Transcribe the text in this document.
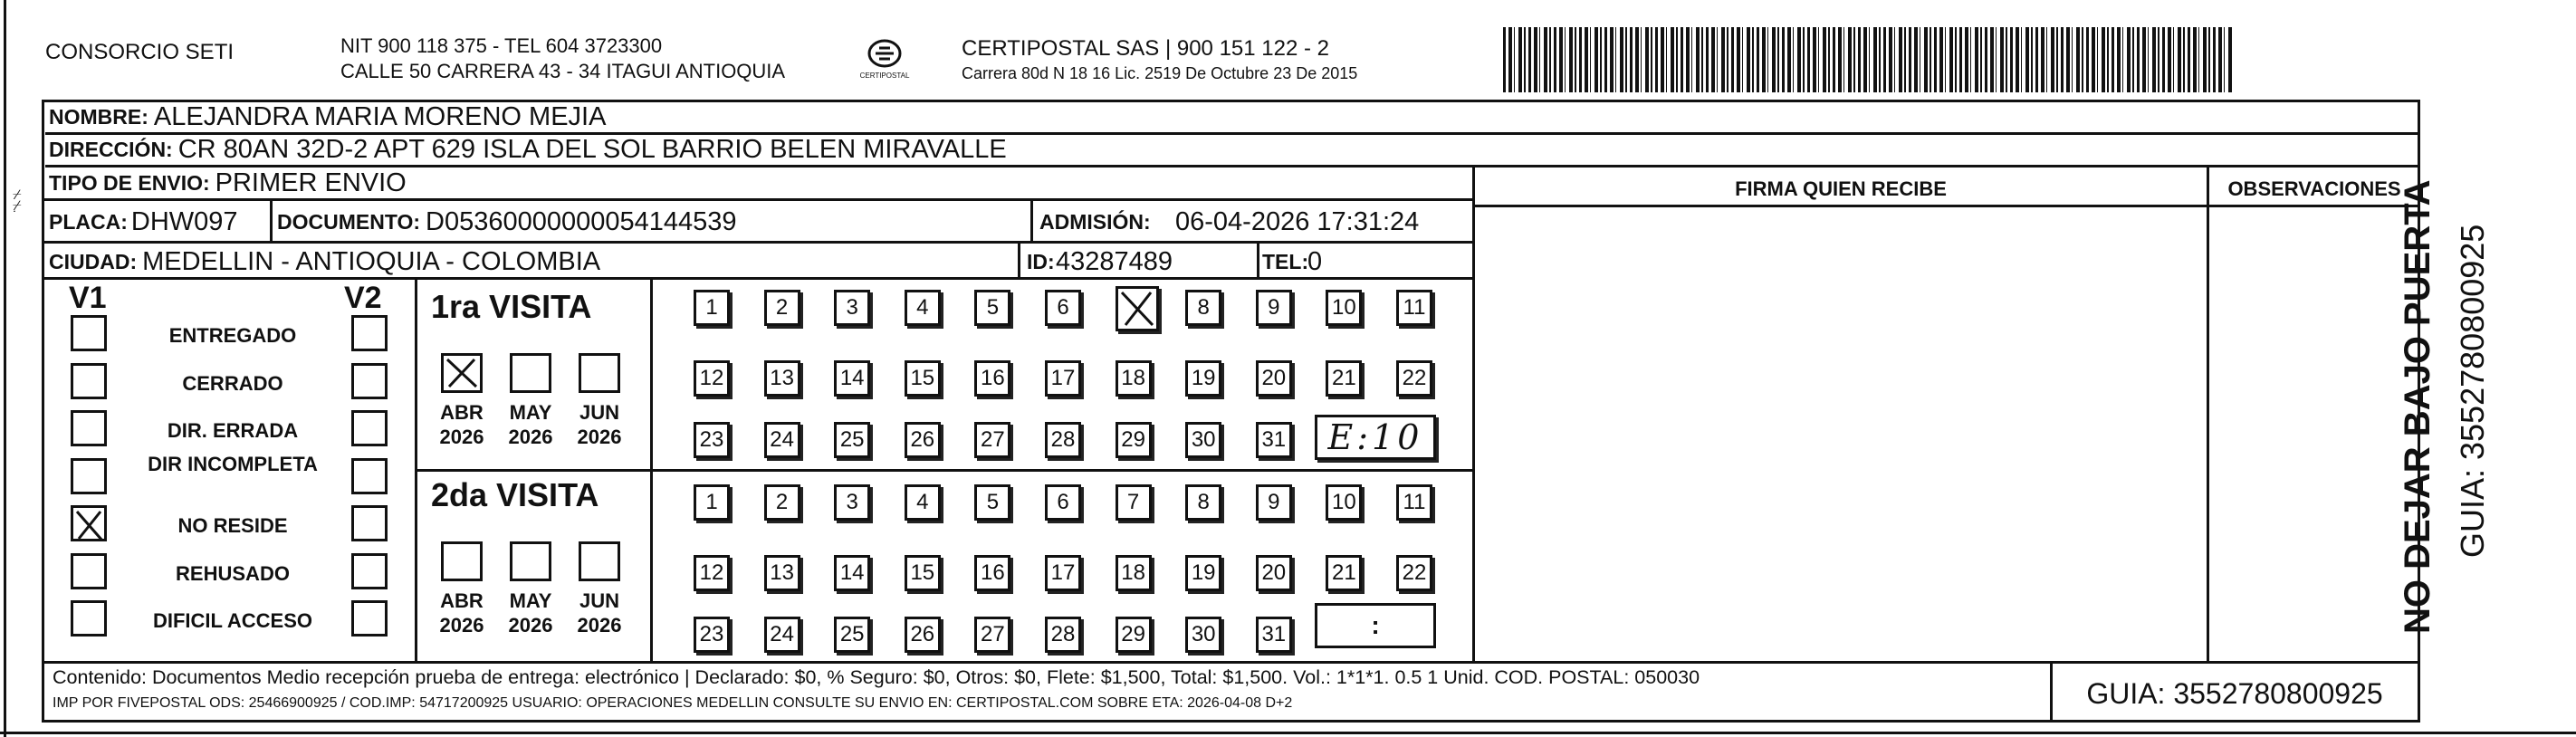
⌿
⌿
˙
CONSORCIO SETI	NIT 900 118 375 - TEL 604 3723300
CALLE 50 CARRERA 43 - 34 ITAGUI ANTIOQUIA	CERTIPOSTAL
CERTIPOSTAL SAS | 900 151 122 - 2
Carrera 80d N 18 16 Lic. 2519 De Octubre 23 De 2015
NOMBRE: ALEJANDRA MARIA MORENO MEJIA
DIRECCIÓN: CR 80AN 32D-2 APT 629 ISLA DEL SOL BARRIO BELEN MIRAVALLE
TIPO DE ENVIO: PRIMER ENVIO
PLACA: DHW097 DOCUMENTO: D05360000000054144539	ADMISIÓN: 06-04-2026 17:31:24
CIUDAD: MEDELLIN - ANTIOQUIA - COLOMBIA	ID: 43287489	TEL:
0
FIRMA QUIEN RECIBE	OBSERVACIONES
V1	V2
ENTREGADO
CERRADO
DIR. ERRADA
DIR INCOMPLETA
NO RESIDE
REHUSADO
DIFICIL ACCESO
1ra VISITA
ABR
2026
MAY
2026
JUN
2026
1	2	3	4	5	6	8	9	10	11
12 13 14 15 16 17 18 19 20 21 22
23 24 25 26 27 28 29 30 31 E:10
2da VISITA
ABR
2026
MAY
2026
JUN
2026
1	2	3	4	5	6	7	8	9	10	11
12 13 14 15 16 17 18 19 20 21 22
23 24 25 26 27 28 29 30 31	:
Contenido: Documentos Medio recepción prueba de entrega: electrónico | Declarado: $0, % Seguro: $0, Otros: $0, Flete: $1,500, Total: $1,500. Vol.: 1*1*1. 0.5 1 Unid. COD. POSTAL: 050030
IMP POR FIVEPOSTAL ODS: 25466900925 / COD.IMP: 54717200925 USUARIO: OPERACIONES MEDELLIN CONSULTE SU ENVIO EN: CERTIPOSTAL.COM SOBRE ETA: 2026-04-08 D+2	GUIA: 3552780800925
NO DEJAR BAJO PUERTA GUIA: 3552780800925
